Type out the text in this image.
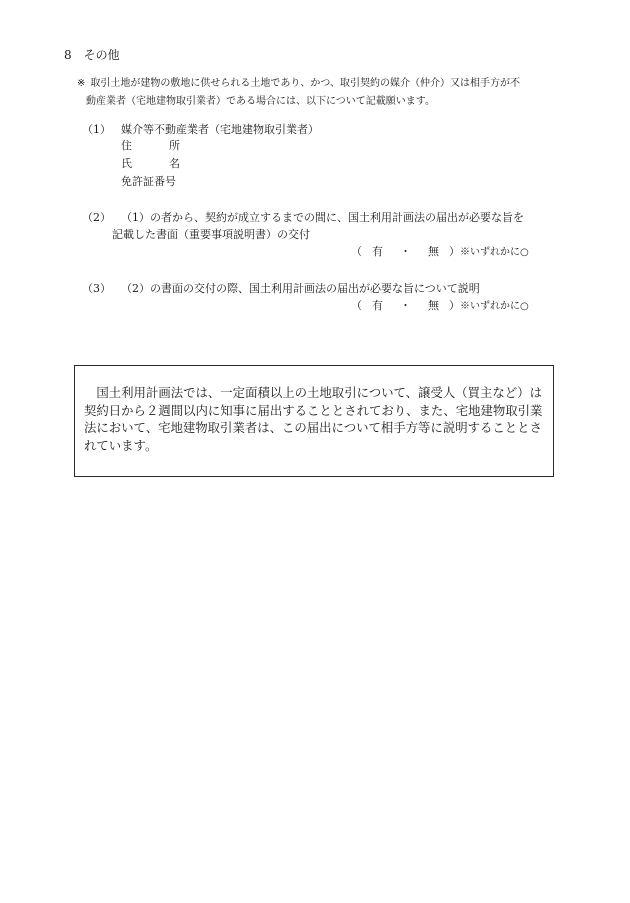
8 その他
※ 取引土地が建物の敷地に供せられる土地であり、かつ、取引契約の媒介（仲介）又は相手方が不
動産業者（宅地建物取引業者）である場合には、以下について記載願います。
（1） 媒介等不動産業者（宅地建物取引業者）
住	所
氏	名
免許証番号
（2） （1）の者から、契約が成立するまでの間に、国土利用計画法の届出が必要な旨を
記載した書面（重要事項説明書）の交付
（ 有 ・ 無 ）※いずれかに○
（3） （2）の書面の交付の際、国土利用計画法の届出が必要な旨について説明
（ 有 ・ 無 ）※いずれかに○

　国土利用計画法では、一定面積以上の土地取引について、譲受人（買主など）は契約日から２週間以内に知事に届出することとされており、また、宅地建物取引業法において、宅地建物取引業者は、この届出について相手方等に説明することとされています。
